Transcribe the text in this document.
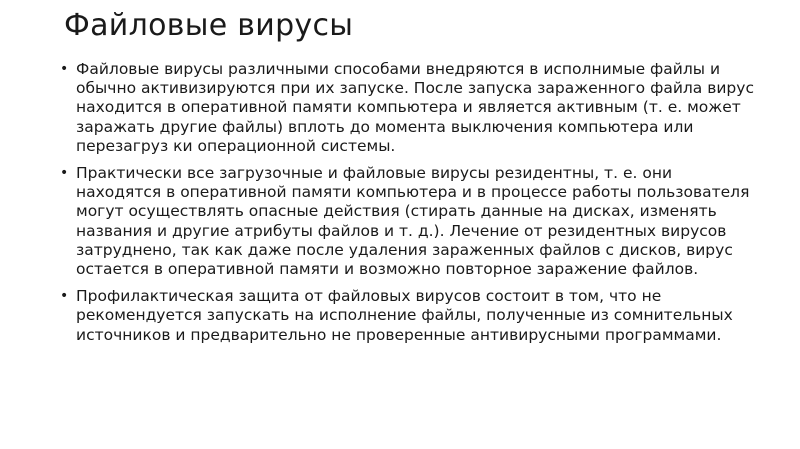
Файловые вирусы
• Файловые вирусы различными способами внедряются в исполнимые файлы и обычно активизируются при их запуске. После запуска зараженного файла вирус находится в оперативной памяти компьютера и является активным (т. е. может заражать другие файлы) вплоть до момента выключения компьютера или перезагруз ки операционной системы.
• Практически все загрузочные и файловые вирусы резидентны, т. е. они находятся в оперативной памяти компьютера и в процессе работы пользователя могут осуществлять опасные действия (стирать данные на дисках, изменять названия и другие атрибуты файлов и т. д.). Лечение от резидентных вирусов затруднено, так как даже после удаления зараженных файлов с дисков, вирус остается в оперативной памяти и возможно повторное заражение файлов.
• Профилактическая защита от файловых вирусов состоит в том, что не рекомендуется запускать на исполнение файлы, полученные из сомнительных источников и предварительно не проверенные антивирусными программами.
